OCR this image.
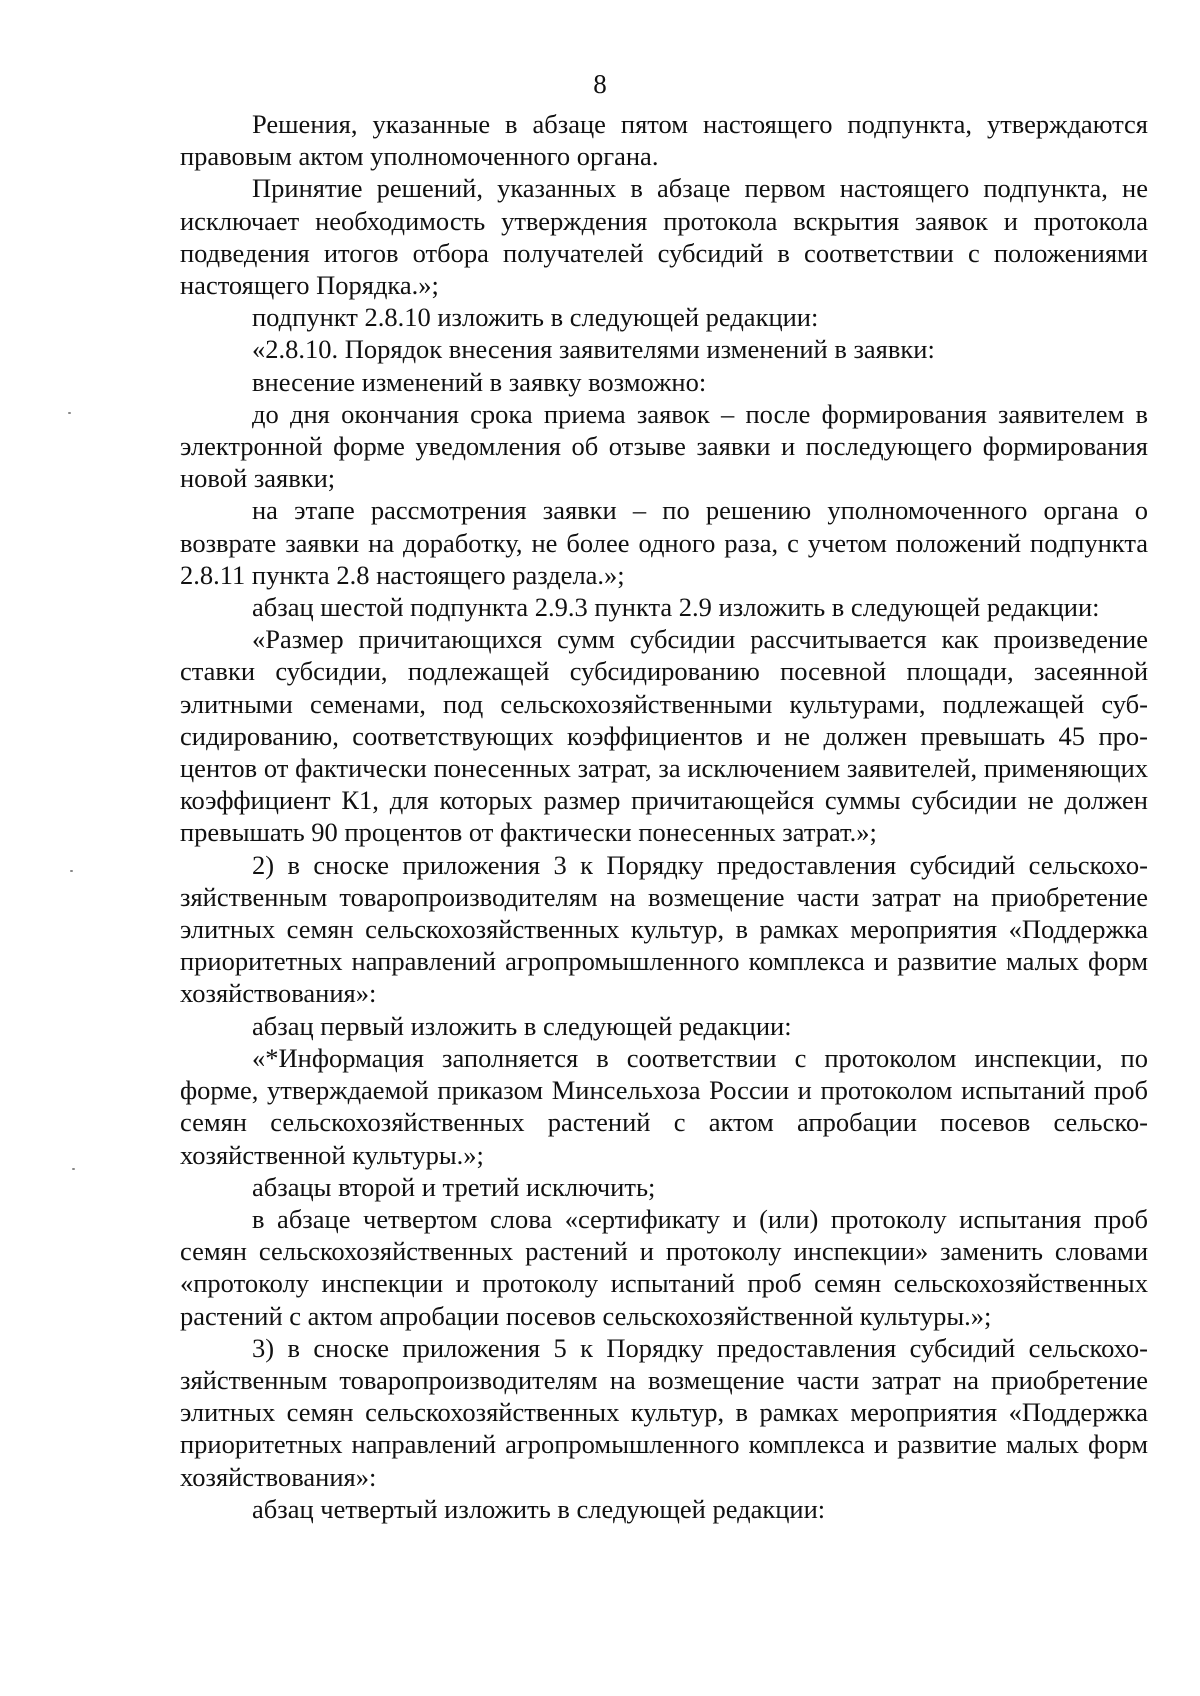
8

Решения, указанные в абзаце пятом настоящего подпункта, утверждаются правовым актом уполномоченного органа.

Принятие решений, указанных в абзаце первом настоящего подпункта, не исключает необходимость утверждения протокола вскрытия заявок и протокола подведения итогов отбора получателей субсидий в соответствии с положениями настоящего Порядка.»;

подпункт 2.8.10 изложить в следующей редакции:

«2.8.10. Порядок внесения заявителями изменений в заявки:

внесение изменений в заявку возможно:

до дня окончания срока приема заявок – после формирования заявителем в электронной форме уведомления об отзыве заявки и последующего формирования новой заявки;

на этапе рассмотрения заявки – по решению уполномоченного органа о возврате заявки на доработку, не более одного раза, с учетом положений подпункта 2.8.11 пункта 2.8 настоящего раздела.»;

абзац шестой подпункта 2.9.3 пункта 2.9 изложить в следующей редакции:

«Размер причитающихся сумм субсидии рассчитывается как произведение ставки субсидии, подлежащей субсидированию посевной площади, засеянной элитными семенами, под сельскохозяйственными культурами, подлежащей субсидированию, соответствующих коэффициентов и не должен превышать 45 процентов от фактически понесенных затрат, за исключением заявителей, применяющих коэффициент К1, для которых размер причитающейся суммы субсидии не должен превышать 90 процентов от фактически понесенных затрат.»;

2) в сноске приложения 3 к Порядку предоставления субсидий сельскохозяйственным товаропроизводителям на возмещение части затрат на приобретение элитных семян сельскохозяйственных культур, в рамках мероприятия «Поддержка приоритетных направлений агропромышленного комплекса и развитие малых форм хозяйствования»:

абзац первый изложить в следующей редакции:

«*Информация заполняется в соответствии с протоколом инспекции, по форме, утверждаемой приказом Минсельхоза России и протоколом испытаний проб семян сельскохозяйственных растений с актом апробации посевов сельскохозяйственной культуры.»;

абзацы второй и третий исключить;

в абзаце четвертом слова «сертификату и (или) протоколу испытания проб семян сельскохозяйственных растений и протоколу инспекции» заменить словами «протоколу инспекции и протоколу испытаний проб семян сельскохозяйственных растений с актом апробации посевов сельскохозяйственной культуры.»;

3) в сноске приложения 5 к Порядку предоставления субсидий сельскохозяйственным товаропроизводителям на возмещение части затрат на приобретение элитных семян сельскохозяйственных культур, в рамках мероприятия «Поддержка приоритетных направлений агропромышленного комплекса и развитие малых форм хозяйствования»:

абзац четвертый изложить в следующей редакции:
